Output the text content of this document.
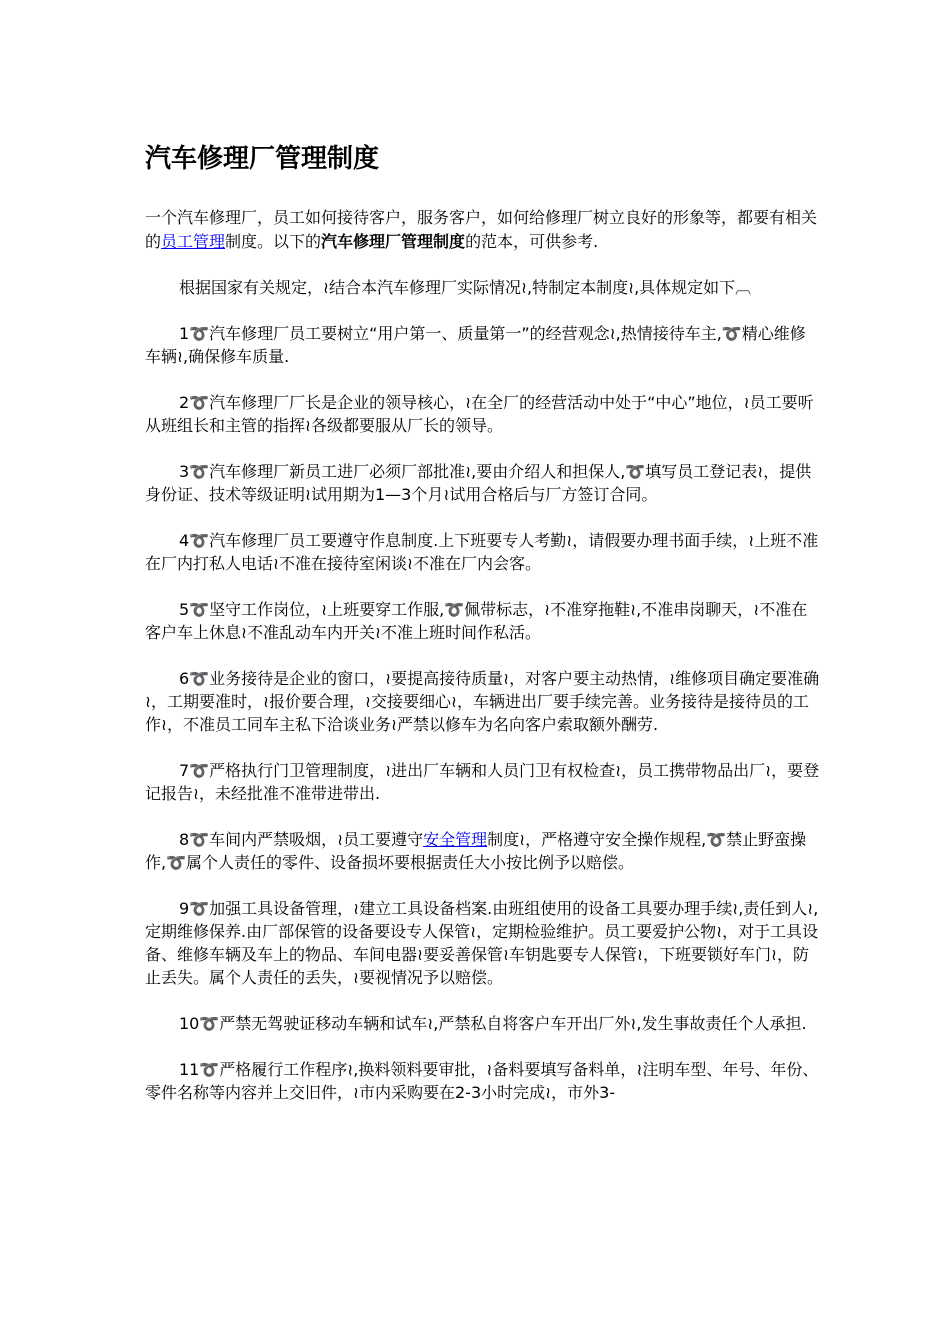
汽车修理厂管理制度
一个汽车修理厂，员工如何接待客户，服务客户，如何给修理厂树立良好的形象等，都要有相关的员工管理制度。以下的汽车修理厂管理制度的范本，可供参考.

根据国家有关规定，≀结合本汽车修理厂实际情况≀,特制定本制度≀,具体规定如下︹

1➰汽车修理厂员工要树立“用户第一、质量第一”的经营观念≀,热情接待车主,➰精心维修车辆≀,确保修车质量.

2➰汽车修理厂厂长是企业的领导核心，≀在全厂的经营活动中处于“中心”地位，≀员工要听从班组长和主管的指挥≀各级都要服从厂长的领导。

3➰汽车修理厂新员工进厂必须厂部批准≀,要由介绍人和担保人,➰填写员工登记表≀，提供身份证、技术等级证明≀试用期为1—3个月≀试用合格后与厂方签订合同。

4➰汽车修理厂员工要遵守作息制度.上下班要专人考勤≀，请假要办理书面手续，≀上班不准在厂内打私人电话≀不准在接待室闲谈≀不准在厂内会客。

5➰坚守工作岗位，≀上班要穿工作服,➰佩带标志，≀不准穿拖鞋≀,不准串岗聊天，≀不准在客户车上休息≀不准乱动车内开关≀不准上班时间作私活。

6➰业务接待是企业的窗口，≀要提高接待质量≀，对客户要主动热情，≀维修项目确定要准确≀，工期要准时，≀报价要合理，≀交接要细心≀，车辆进出厂要手续完善。业务接待是接待员的工作≀，不准员工同车主私下洽谈业务≀严禁以修车为名向客户索取额外酬劳.

7➰严格执行门卫管理制度，≀进出厂车辆和人员门卫有权检查≀，员工携带物品出厂≀，要登记报告≀，未经批准不准带进带出.

8➰车间内严禁吸烟，≀员工要遵守安全管理制度≀，严格遵守安全操作规程,➰禁止野蛮操作,➰属个人责任的零件、设备损坏要根据责任大小按比例予以赔偿。

9➰加强工具设备管理，≀建立工具设备档案.由班组使用的设备工具要办理手续≀,责任到人≀,定期维修保养.由厂部保管的设备要设专人保管≀，定期检验维护。员工要爱护公物≀，对于工具设备、维修车辆及车上的物品、车间电器≀要妥善保管≀车钥匙要专人保管≀，下班要锁好车门≀，防止丢失。属个人责任的丢失，≀要视情况予以赔偿。

10➰严禁无驾驶证移动车辆和试车≀,严禁私自将客户车开出厂外≀,发生事故责任个人承担.

11➰严格履行工作程序≀,换料领料要审批，≀备料要填写备料单，≀注明车型、年号、年份、零件名称等内容并上交旧件，≀市内采购要在2-3小时完成≀，市外3-
